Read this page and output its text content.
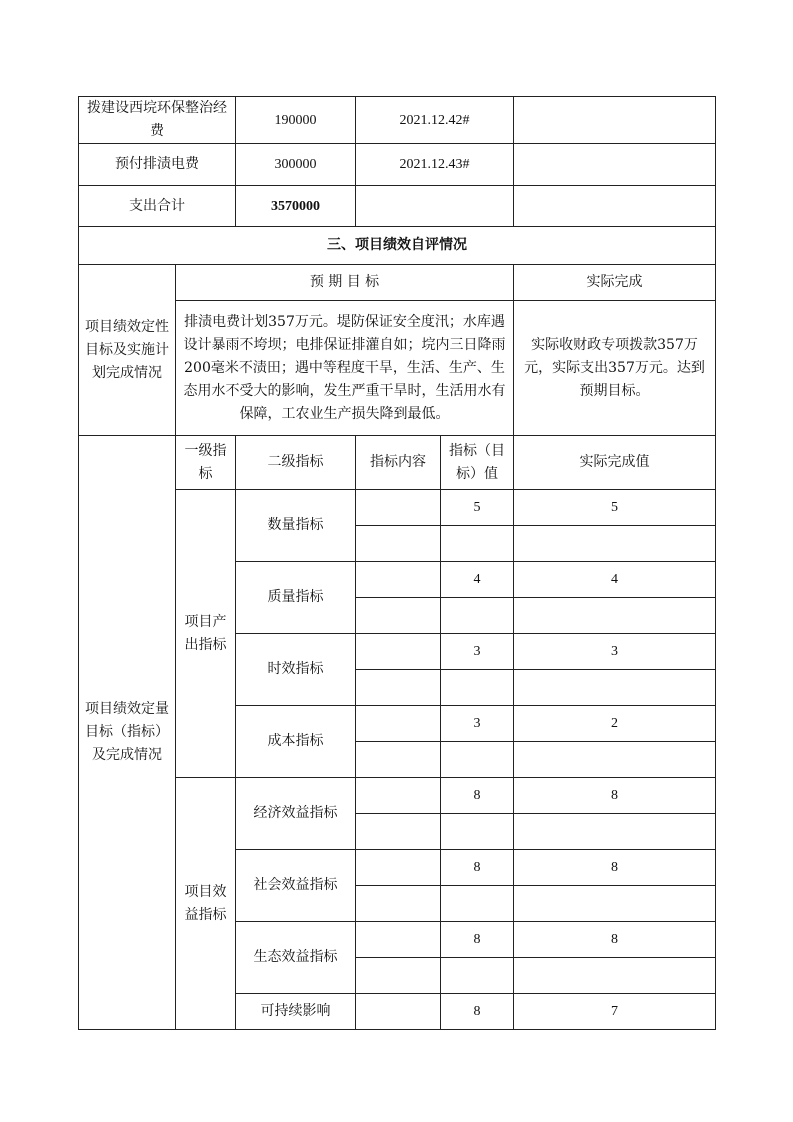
拨建设西垸环保整治经费		190000	2021.12.42#		
预付排渍电费		300000	2021.12.43#		
支出合计		3570000			
三、项目绩效自评情况					
项目绩效定性目标及实施计划完成情况	预 期 目 标				实际完成
	排渍电费计划357万元。堤防保证安全度汛；水库遇设计暴雨不垮坝；电排保证排灌自如；垸内三日降雨200毫米不渍田；遇中等程度干旱，生活、生产、生态用水不受大的影响，发生严重干旱时，生活用水有保障，工农业生产损失降到最低。				实际收财政专项拨款357万元，实际支出357万元。达到预期目标。
项目绩效定量目标（指标）及完成情况	一级指标	二级指标	指标内容	指标（目标）值	实际完成值
	项目产出指标	数量指标		5	5

		质量指标		4	4

		时效指标		3	3

		成本指标		3	2

	项目效益指标	经济效益指标		8	8

		社会效益指标		8	8

		生态效益指标		8	8

		可持续影响		8	7
